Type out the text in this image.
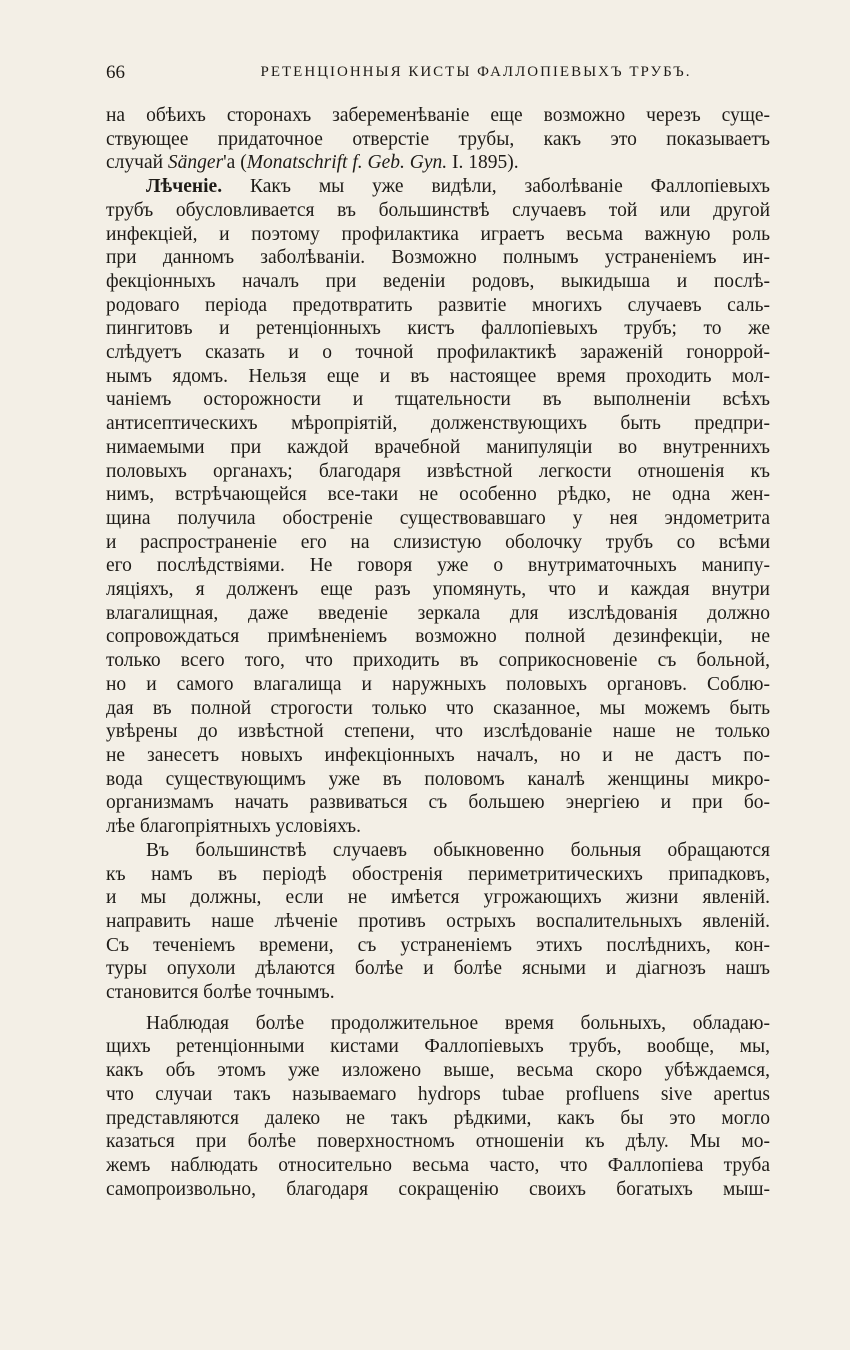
66	РЕТЕНЦІОННЫЯ КИСТЫ ФАЛЛОПІЕВЫХЪ ТРУБЪ.
на обѣихъ сторонахъ забеременѣваніе еще возможно черезъ суще-
ствующее придаточное отверстіе трубы, какъ это показываетъ
случай Sänger'а (Monatschrift f. Geb. Gyn. I. 1895).
Лѣченіе. Какъ мы уже видѣли, заболѣваніе Фаллопіевыхъ
трубъ обусловливается въ большинствѣ случаевъ той или другой
инфекціей, и поэтому профилактика играетъ весьма важную роль
при данномъ заболѣваніи. Возможно полнымъ устраненіемъ ин-
фекціонныхъ началъ при веденіи родовъ, выкидыша и послѣ-
родоваго періода предотвратить развитіе многихъ случаевъ саль-
пингитовъ и ретенціонныхъ кистъ фаллопіевыхъ трубъ; то же
слѣдуетъ сказать и о точной профилактикѣ зараженій гоноррой-
нымъ ядомъ. Нельзя еще и въ настоящее время проходить мол-
чаніемъ осторожности и тщательности въ выполненіи всѣхъ
антисептическихъ мѣропріятій, долженствующихъ быть предпри-
нимаемыми при каждой врачебной манипуляціи во внутреннихъ
половыхъ органахъ; благодаря извѣстной легкости отношенія къ
нимъ, встрѣчающейся все-таки не особенно рѣдко, не одна жен-
щина получила обостреніе существовавшаго у нея эндометрита
и распространеніе его на слизистую оболочку трубъ со всѣми
его послѣдствіями. Не говоря уже о внутриматочныхъ манипу-
ляціяхъ, я долженъ еще разъ упомянуть, что и каждая внутри
влагалищная, даже введеніе зеркала для изслѣдованія должно
сопровождаться примѣненіемъ возможно полной дезинфекціи, не
только всего того, что приходить въ соприкосновеніе съ больной,
но и самого влагалища и наружныхъ половыхъ органовъ. Соблю-
дая въ полной строгости только что сказанное, мы можемъ быть
увѣрены до извѣстной степени, что изслѣдованіе наше не только
не занесетъ новыхъ инфекціонныхъ началъ, но и не дастъ по-
вода существующимъ уже въ половомъ каналѣ женщины микро-
организмамъ начать развиваться съ большею энергіею и при бо-
лѣе благопріятныхъ условіяхъ.
Въ большинствѣ случаевъ обыкновенно больныя обращаются
къ намъ въ періодѣ обостренія периметритическихъ припадковъ,
и мы должны, если не имѣется угрожающихъ жизни явленій.
направить наше лѣченіе противъ острыхъ воспалительныхъ явленій.
Съ теченіемъ времени, съ устраненіемъ этихъ послѣднихъ, кон-
туры опухоли дѣлаются болѣе и болѣе ясными и діагнозъ нашъ
становится болѣе точнымъ.
Наблюдая болѣе продолжительное время больныхъ, обладаю-
щихъ ретенціонными кистами Фаллопіевыхъ трубъ, вообще, мы,
какъ объ этомъ уже изложено выше, весьма скоро убѣждаемся,
что случаи такъ называемаго hydrops tubae profluens sive apertus
представляются далеко не такъ рѣдкими, какъ бы это могло
казаться при болѣе поверхностномъ отношеніи къ дѣлу. Мы мо-
жемъ наблюдать относительно весьма часто, что Фаллопіева труба
самопроизвольно, благодаря сокращенію своихъ богатыхъ мыш-
